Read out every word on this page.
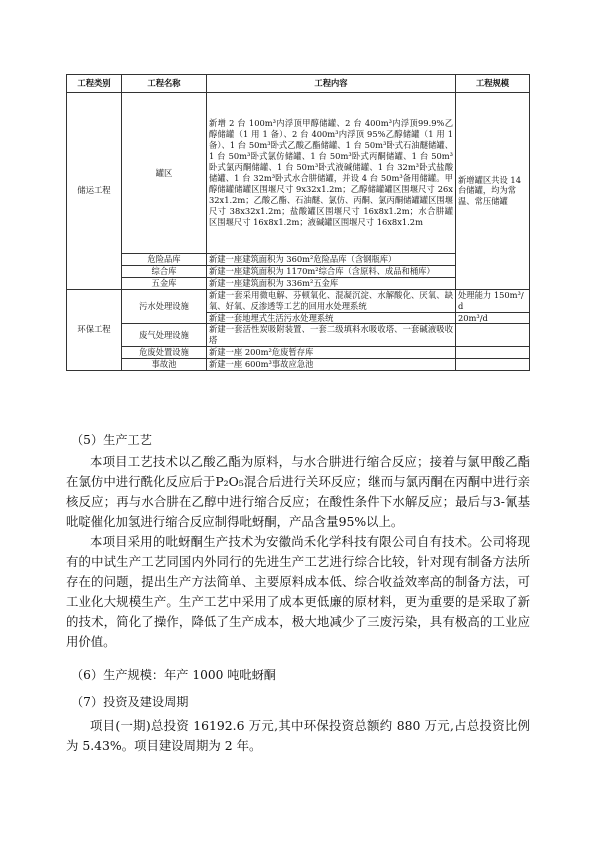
工程类别	工程名称	工程内容	工程规模
储运工程	罐区	新增 2 台 100m³内浮顶甲醇储罐、2 台 400m³内浮顶99.9%乙醇储罐（1 用 1 备）、2 台 400m³内浮顶 95%乙醇储罐（1 用 1 备）、1 台 50m³卧式乙酸乙酯储罐、1 台 50m³卧式石油醚储罐、1 台 50m³卧式氯仿储罐、1 台 50m³卧式丙酮储罐、1 台 50m³卧式氯丙酮储罐、1 台 50m³卧式液碱储罐、1 台 32m³卧式盐酸储罐、1 台 32m³卧式水合肼储罐，并设 4 台 50m³备用储罐。甲醇储罐储罐区围堰尺寸 9x32x1.2m；乙醇储罐罐区围堰尺寸 26x32x1.2m；乙酸乙酯、石油醚、氯仿、丙酮、氯丙酮储罐罐区围堰尺寸 38x32x1.2m；盐酸罐区围堰尺寸 16x8x1.2m；水合肼罐区围堰尺寸 16x8x1.2m；液碱罐区围堰尺寸 16x8x1.2m	新增罐区共设 14 台储罐，均为常温、常压储罐
	危险品库	新建一座建筑面积为 360m²危险品库（含钢瓶库）	
	综合库	新建一座建筑面积为 1170m²综合库（含原料、成品和桶库）	
	五金库	新建一座建筑面积为 336m²五金库	
环保工程	污水处理设施	新建一套采用微电解、芬顿氧化、混凝沉淀、水解酸化、厌氧、缺氧、好氧、反渗透等工艺的回用水处理系统	处理能力 150m³/d
		新建一套地埋式生活污水处理系统	20m³/d
	废气处理设施	新建一套活性炭吸附装置、一套二级填料水吸收塔、一套碱液吸收塔	
	危废处置设施	新建一座 200m²危废暂存库	
	事故池	新建一座 600m³事故应急池	
（5）生产工艺

本项目工艺技术以乙酸乙酯为原料，与水合肼进行缩合反应；接着与氯甲酸乙酯在氯仿中进行酰化反应后于P₂O₅混合后进行关环反应；继而与氯丙酮在丙酮中进行亲核反应；再与水合肼在乙醇中进行缩合反应；在酸性条件下水解反应；最后与3-氰基吡啶催化加氢进行缩合反应制得吡蚜酮，产品含量95%以上。

本项目采用的吡蚜酮生产技术为安徽尚禾化学科技有限公司自有技术。公司将现有的中试生产工艺同国内外同行的先进生产工艺进行综合比较，针对现有制备方法所存在的问题，提出生产方法简单、主要原料成本低、综合收益效率高的制备方法，可工业化大规模生产。生产工艺中采用了成本更低廉的原材料，更为重要的是采取了新的技术，简化了操作，降低了生产成本，极大地减少了三废污染，具有极高的工业应用价值。

（6）生产规模：年产 1000 吨吡蚜酮
（7）投资及建设周期

项目(一期)总投资 16192.6 万元,其中环保投资总额约 880 万元,占总投资比例为 5.43%。项目建设周期为 2 年。
